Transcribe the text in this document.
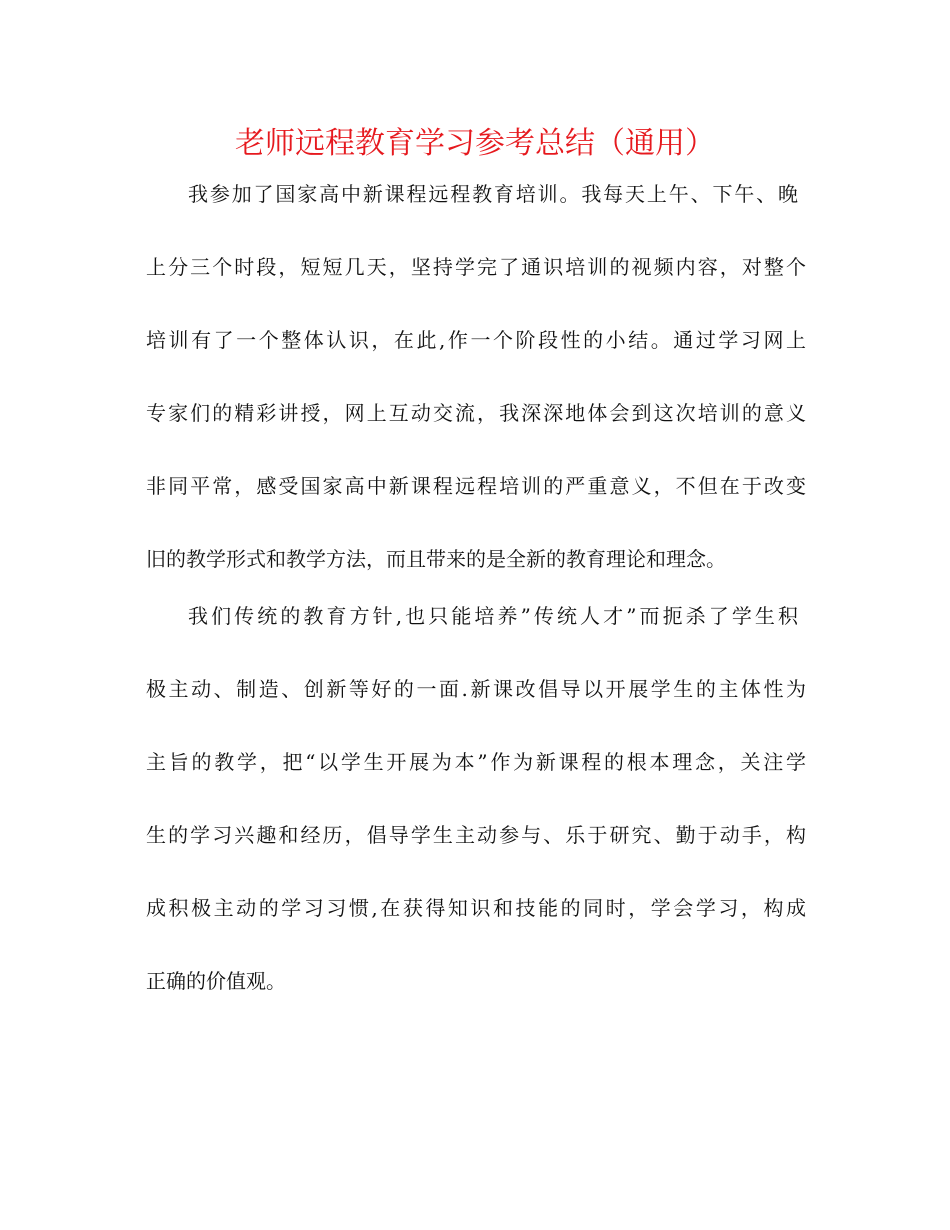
老师远程教育学习参考总结（通用）
我参加了国家高中新课程远程教育培训。我每天上午、下午、晚
上分三个时段，短短几天，坚持学完了通识培训的视频内容，对整个
培训有了一个整体认识，在此,作一个阶段性的小结。通过学习网上
专家们的精彩讲授，网上互动交流，我深深地体会到这次培训的意义
非同平常，感受国家高中新课程远程培训的严重意义，不但在于改变
旧的教学形式和教学方法，而且带来的是全新的教育理论和理念。
我们传统的教育方针,也只能培养”传统人才”而扼杀了学生积
极主动、制造、创新等好的一面.新课改倡导以开展学生的主体性为
主旨的教学，把“以学生开展为本”作为新课程的根本理念，关注学
生的学习兴趣和经历，倡导学生主动参与、乐于研究、勤于动手，构
成积极主动的学习习惯,在获得知识和技能的同时，学会学习，构成
正确的价值观。
